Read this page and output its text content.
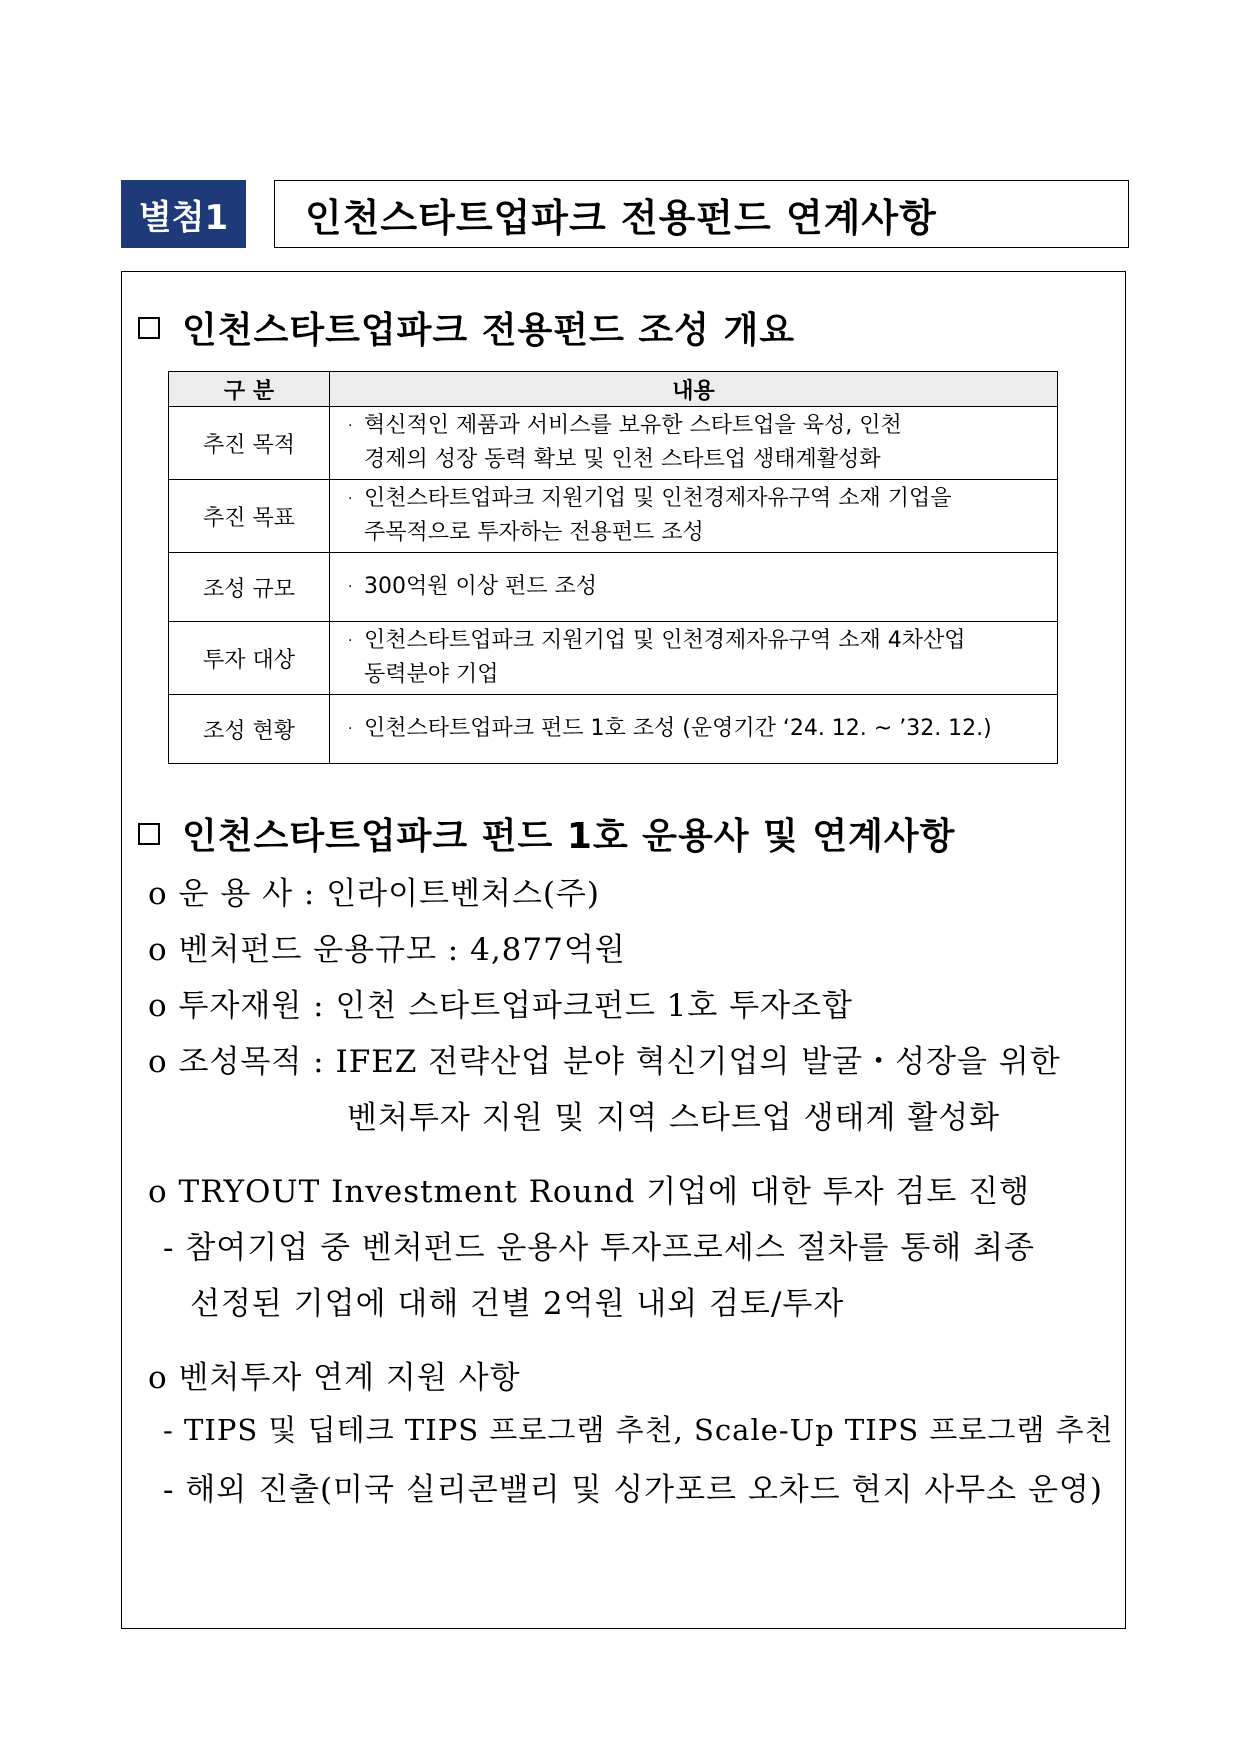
별첨1	인천스타트업파크 전용펀드 연계사항
인천스타트업파크 전용펀드 조성 개요
구 분	내용
추진 목적	· 혁신적인 제품과 서비스를 보유한 스타트업을 육성, 인천
경제의 성장 동력 확보 및 인천 스타트업 생태계활성화

추진 목표	· 인천스타트업파크 지원기업 및 인천경제자유구역 소재 기업을
주목적으로 투자하는 전용펀드 조성

조성 규모	· 300억원 이상 펀드 조성

투자 대상	· 인천스타트업파크 지원기업 및 인천경제자유구역 소재 4차산업
동력분야 기업

조성 현황	· 인천스타트업파크 펀드 1호 조성 (운영기간 ‘24. 12. ~ ’32. 12.)
인천스타트업파크 펀드 1호 운용사 및 연계사항
o 운 용 사 : 인라이트벤처스(주)
o 벤처펀드 운용규모 : 4,877억원
o 투자재원 : 인천 스타트업파크펀드 1호 투자조합
o 조성목적 : IFEZ 전략산업 분야 혁신기업의 발굴・성장을 위한
벤처투자 지원 및 지역 스타트업 생태계 활성화
o TRYOUT Investment Round 기업에 대한 투자 검토 진행
- 참여기업 중 벤처펀드 운용사 투자프로세스 절차를 통해 최종
선정된 기업에 대해 건별 2억원 내외 검토/투자
o 벤처투자 연계 지원 사항
- TIPS 및 딥테크 TIPS 프로그램 추천, Scale-Up TIPS 프로그램 추천
- 해외 진출(미국 실리콘밸리 및 싱가포르 오차드 현지 사무소 운영)
